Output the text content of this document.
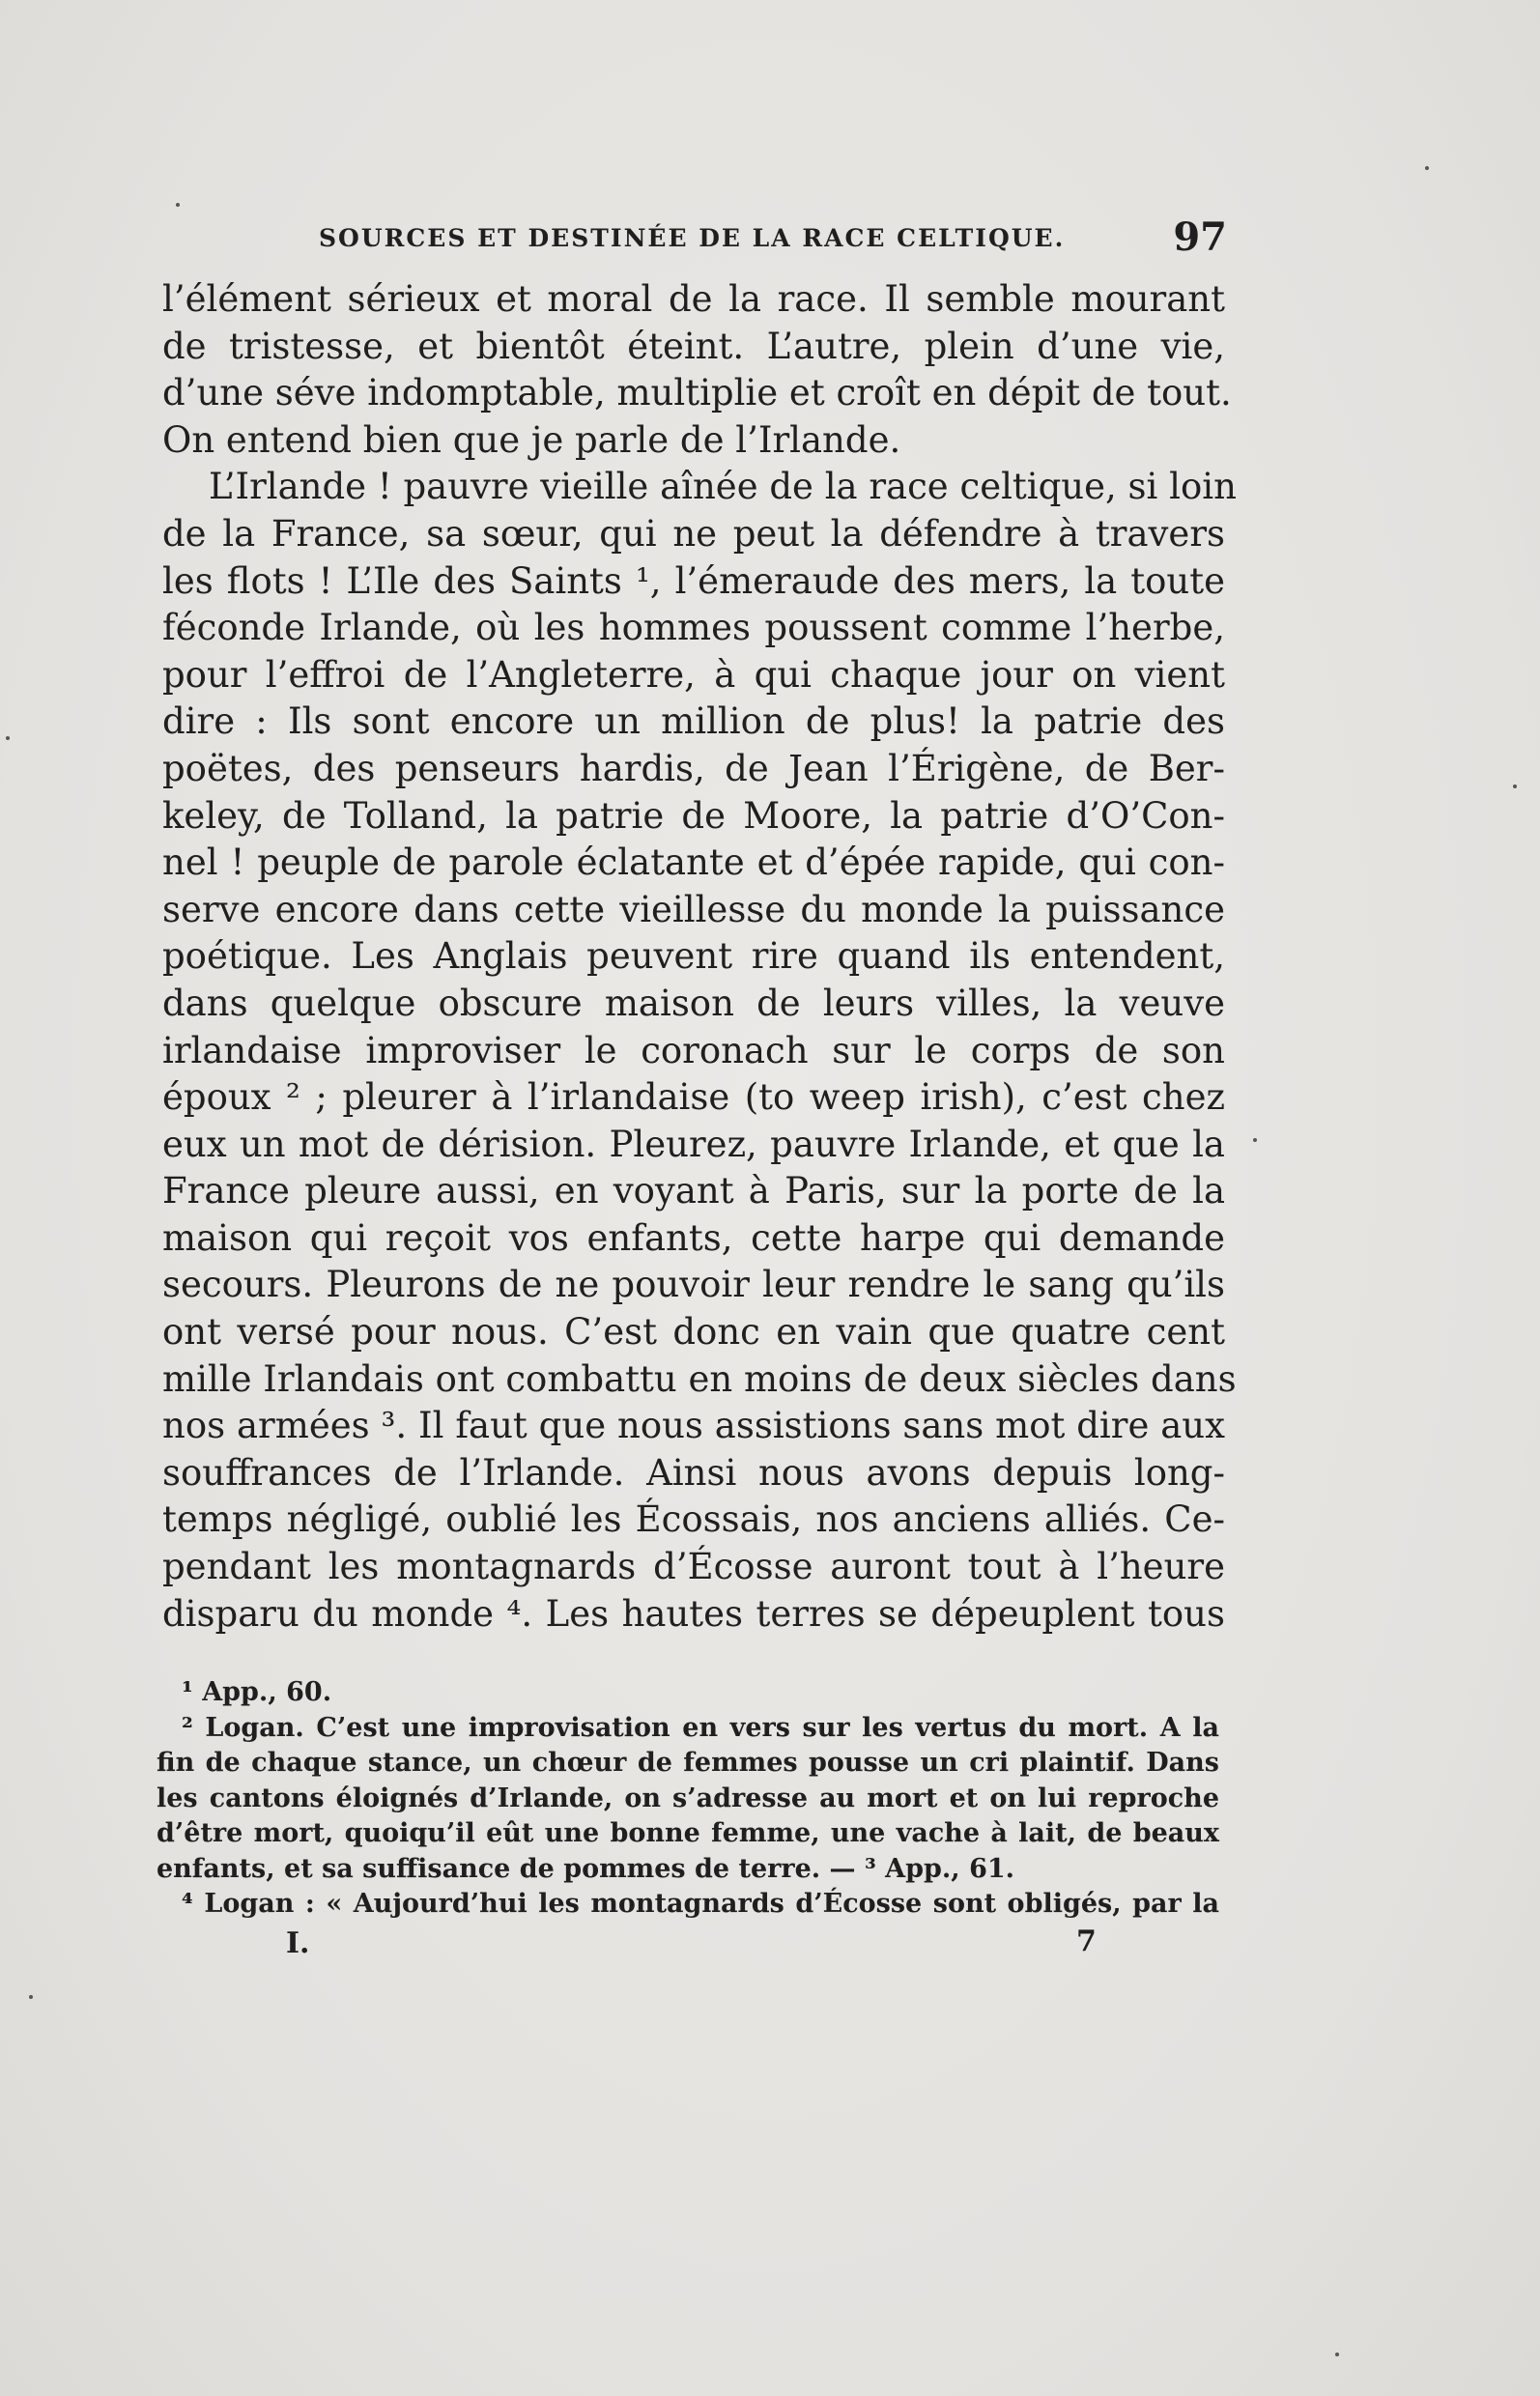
SOURCES ET DESTINÉE DE LA RACE CELTIQUE.	97
l’élément sérieux et moral de la race. Il semble mourant
de tristesse, et bientôt éteint. L’autre, plein d’une vie,
d’une séve indomptable, multiplie et croît en dépit de tout.
On entend bien que je parle de l’Irlande.
L’Irlande ! pauvre vieille aînée de la race celtique, si loin
de la France, sa sœur, qui ne peut la défendre à travers
les flots ! L’Ile des Saints ¹, l’émeraude des mers, la toute
féconde Irlande, où les hommes poussent comme l’herbe,
pour l’effroi de l’Angleterre, à qui chaque jour on vient
dire : Ils sont encore un million de plus! la patrie des
poëtes, des penseurs hardis, de Jean l’Érigène, de Ber-
keley, de Tolland, la patrie de Moore, la patrie d’O’Con-
nel ! peuple de parole éclatante et d’épée rapide, qui con-
serve encore dans cette vieillesse du monde la puissance
poétique. Les Anglais peuvent rire quand ils entendent,
dans quelque obscure maison de leurs villes, la veuve
irlandaise improviser le coronach sur le corps de son
époux ² ; pleurer à l’irlandaise (to weep irish), c’est chez
eux un mot de dérision. Pleurez, pauvre Irlande, et que la
France pleure aussi, en voyant à Paris, sur la porte de la
maison qui reçoit vos enfants, cette harpe qui demande
secours. Pleurons de ne pouvoir leur rendre le sang qu’ils
ont versé pour nous. C’est donc en vain que quatre cent
mille Irlandais ont combattu en moins de deux siècles dans
nos armées ³. Il faut que nous assistions sans mot dire aux
souffrances de l’Irlande. Ainsi nous avons depuis long-
temps négligé, oublié les Écossais, nos anciens alliés. Ce-
pendant les montagnards d’Écosse auront tout à l’heure
disparu du monde ⁴. Les hautes terres se dépeuplent tous
¹ App., 60.
² Logan. C’est une improvisation en vers sur les vertus du mort. A la
fin de chaque stance, un chœur de femmes pousse un cri plaintif. Dans
les cantons éloignés d’Irlande, on s’adresse au mort et on lui reproche
d’être mort, quoiqu’il eût une bonne femme, une vache à lait, de beaux
enfants, et sa suffisance de pommes de terre. — ³ App., 61.
⁴ Logan : « Aujourd’hui les montagnards d’Écosse sont obligés, par la
I.	7
